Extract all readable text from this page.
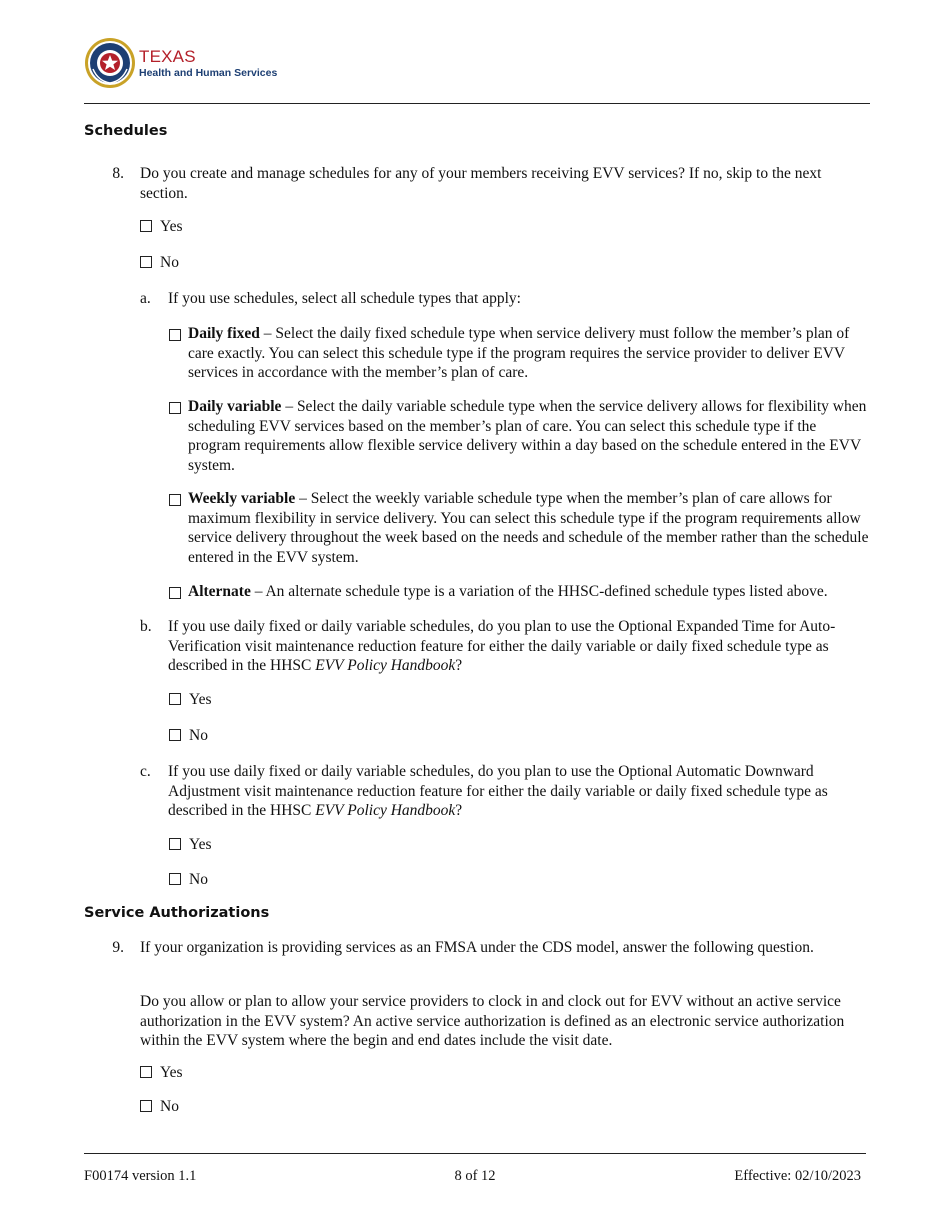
TEXAS
Health and Human Services
Schedules
8. Do you create and manage schedules for any of your members receiving EVV services? If no, skip to the next section.
Yes
No
a. If you use schedules, select all schedule types that apply:
Daily fixed – Select the daily fixed schedule type when service delivery must follow the member’s plan of care exactly. You can select this schedule type if the program requires the service provider to deliver EVV services in accordance with the member’s plan of care.
Daily variable – Select the daily variable schedule type when the service delivery allows for flexibility when scheduling EVV services based on the member’s plan of care. You can select this schedule type if the program requirements allow flexible service delivery within a day based on the schedule entered in the EVV system.
Weekly variable – Select the weekly variable schedule type when the member’s plan of care allows for maximum flexibility in service delivery. You can select this schedule type if the program requirements allow service delivery throughout the week based on the needs and schedule of the member rather than the schedule entered in the EVV system.
Alternate – An alternate schedule type is a variation of the HHSC-defined schedule types listed above.
b. If you use daily fixed or daily variable schedules, do you plan to use the Optional Expanded Time for Auto-Verification visit maintenance reduction feature for either the daily variable or daily fixed schedule type as described in the HHSC EVV Policy Handbook?
Yes
No
c. If you use daily fixed or daily variable schedules, do you plan to use the Optional Automatic Downward Adjustment visit maintenance reduction feature for either the daily variable or daily fixed schedule type as described in the HHSC EVV Policy Handbook?
Yes
No
Service Authorizations
9. If your organization is providing services as an FMSA under the CDS model, answer the following question.
Do you allow or plan to allow your service providers to clock in and clock out for EVV without an active service authorization in the EVV system? An active service authorization is defined as an electronic service authorization within the EVV system where the begin and end dates include the visit date.
Yes
No
F00174 version 1.1	8 of 12	Effective: 02/10/2023
